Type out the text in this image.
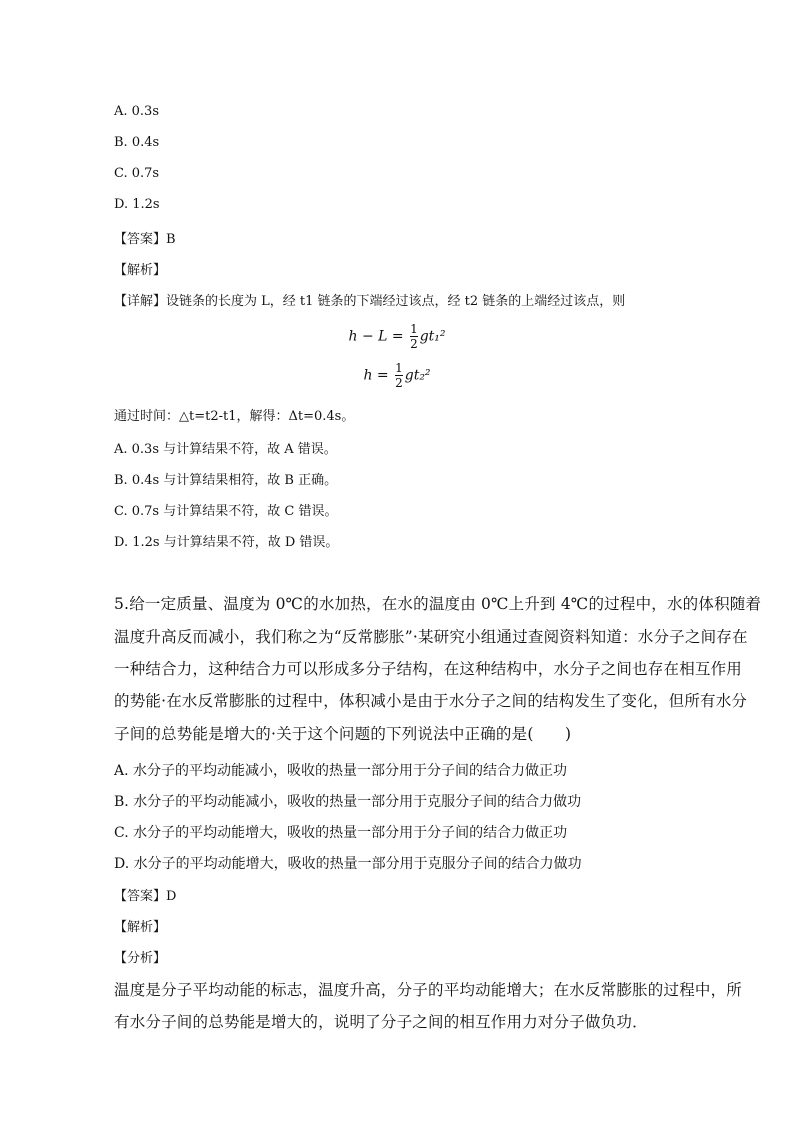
A. 0.3s
B. 0.4s
C. 0.7s
D. 1.2s
【答案】B
【解析】
【详解】设链条的长度为 L，经 t1 链条的下端经过该点，经 t2 链条的上端经过该点，则
$h - L = \frac{1}{2} gt_1^2$
$h = \frac{1}{2} gt_2^2$
通过时间：△t=t2-t1，解得：Δt=0.4s。
A. 0.3s 与计算结果不符，故 A 错误。
B. 0.4s 与计算结果相符，故 B 正确。
C. 0.7s 与计算结果不符，故 C 错误。
D. 1.2s 与计算结果不符，故 D 错误。
5.给一定质量、温度为 0℃的水加热，在水的温度由 0℃上升到 4℃的过程中，水的体积随着
温度升高反而减小，我们称之为“反常膨胀”·某研究小组通过查阅资料知道：水分子之间存在
一种结合力，这种结合力可以形成多分子结构，在这种结构中，水分子之间也存在相互作用
的势能·在水反常膨胀的过程中，体积减小是由于水分子之间的结构发生了变化，但所有水分
子间的总势能是增大的·关于这个问题的下列说法中正确的是(　　)
A. 水分子的平均动能减小，吸收的热量一部分用于分子间的结合力做正功
B. 水分子的平均动能减小，吸收的热量一部分用于克服分子间的结合力做功
C. 水分子的平均动能增大，吸收的热量一部分用于分子间的结合力做正功
D. 水分子的平均动能增大，吸收的热量一部分用于克服分子间的结合力做功
【答案】D
【解析】
【分析】
温度是分子平均动能的标志，温度升高，分子的平均动能增大；在水反常膨胀的过程中，所
有水分子间的总势能是增大的，说明了分子之间的相互作用力对分子做负功．
